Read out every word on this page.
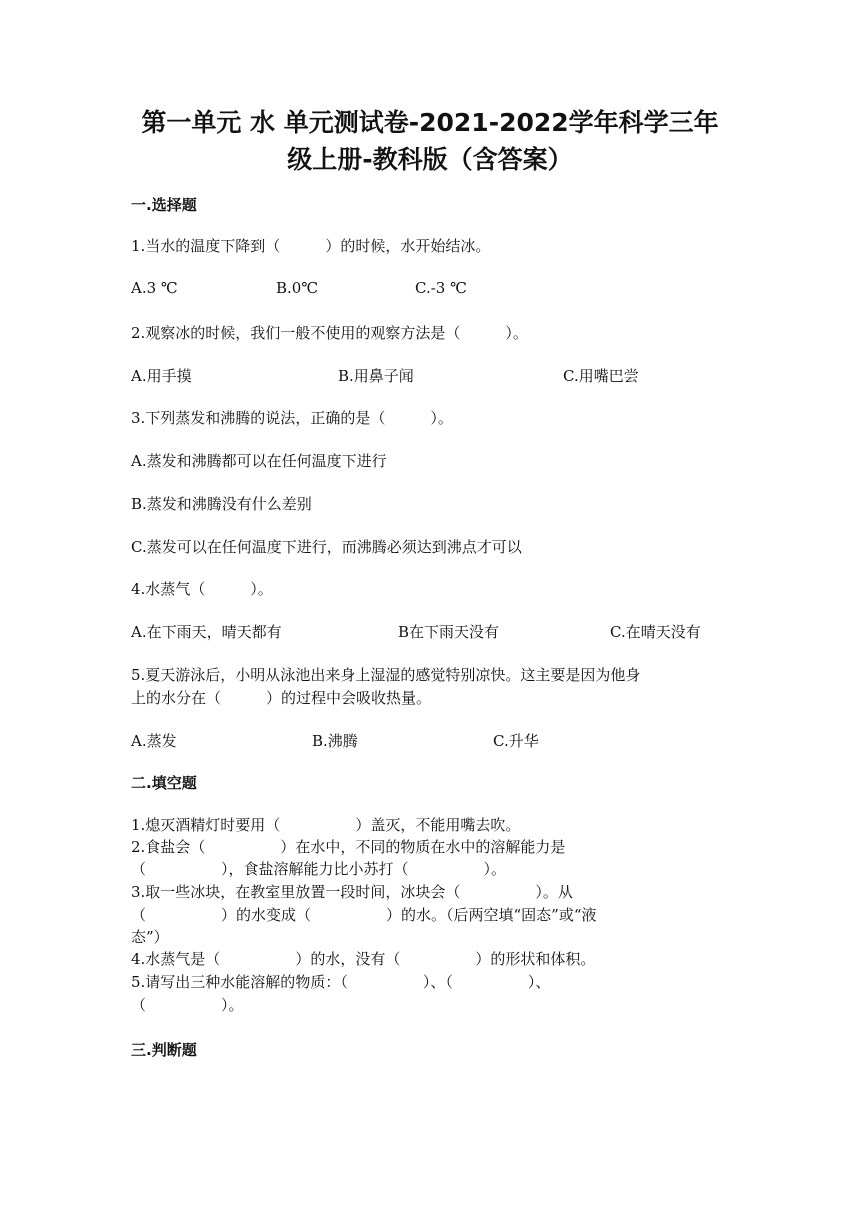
第一单元 水 单元测试卷-2021-2022学年科学三年
级上册-教科版（含答案）
一.选择题
1.当水的温度下降到（　　　）的时候，水开始结冰。
A.3 ℃	B.0℃	C.-3 ℃
2.观察冰的时候，我们一般不使用的观察方法是（　　　）。
A.用手摸	B.用鼻子闻	C.用嘴巴尝
3.下列蒸发和沸腾的说法，正确的是（　　　）。
A.蒸发和沸腾都可以在任何温度下进行
B.蒸发和沸腾没有什么差别
C.蒸发可以在任何温度下进行，而沸腾必须达到沸点才可以
4.水蒸气（　　　）。
A.在下雨天，晴天都有	B在下雨天没有	C.在晴天没有
5.夏天游泳后，小明从泳池出来身上湿湿的感觉特别凉快。这主要是因为他身
上的水分在（　　　）的过程中会吸收热量。
A.蒸发	B.沸腾	C.升华
二.填空题
1.熄灭酒精灯时要用（　　　　　）盖灭，不能用嘴去吹。
2.食盐会（　　　　　）在水中，不同的物质在水中的溶解能力是
（　　　　　），食盐溶解能力比小苏打（　　　　　）。
3.取一些冰块，在教室里放置一段时间，冰块会（　　　　　）。从
（　　　　　）的水变成（　　　　　）的水。（后两空填“固态”或“液
态”）
4.水蒸气是（　　　　　）的水，没有（　　　　　）的形状和体积。
5.请写出三种水能溶解的物质：（　　　　　）、（　　　　　）、
（　　　　　）。
三.判断题
